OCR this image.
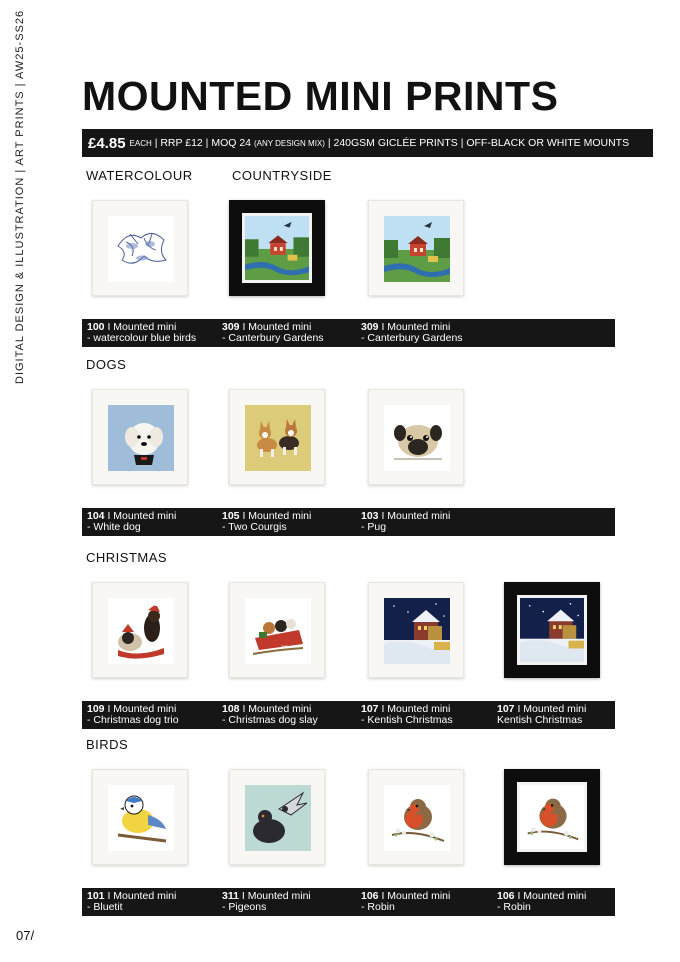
DIGITAL DESIGN & ILLUSTRATION | ART PRINTS | AW25-SS26 MOUNTED MINI PRINTS
£4.85 EACH
| RRP £12 | MOQ 24
(ANY DESIGN MIX)
| 240GSM GICLÉE PRINTS | OFF-BLACK OR WHITE MOUNTS
WATERCOLOUR	COUNTRYSIDE
DOGS
CHRISTMAS
BIRDS
100 I Mounted mini
- watercolour blue birds
309 I Mounted mini
- Canterbury Gardens
309 I Mounted mini
- Canterbury Gardens
104 I Mounted mini
- White dog
105 I Mounted mini
- Two Courgis
103 I Mounted mini
- Pug
109 I Mounted mini
- Christmas dog trio
108 I Mounted mini
- Christmas dog slay
107 I Mounted mini
- Kentish Christmas
107 I Mounted mini
Kentish Christmas
101 I Mounted mini
- Bluetit
311 I Mounted mini
- Pigeons
106 I Mounted mini
- Robin
106 I Mounted mini
- Robin
07/
